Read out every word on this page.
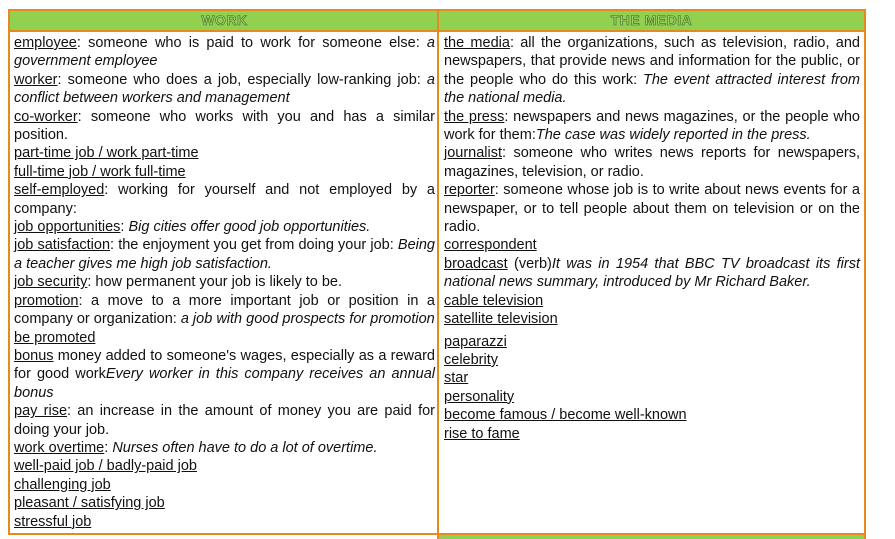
WORK

employee: someone who is paid to work for someone else: a government employee

worker: someone who does a job, especially low-ranking job: a conflict between workers and management

co-worker: someone who works with you and has a similar position.

part-time job / work part-time

full-time job / work full-time

self-employed: working for yourself and not employed by a company:

job opportunities: Big cities offer good job opportunities.

job satisfaction: the enjoyment you get from doing your job: Being a teacher gives me high job satisfaction.

job security: how permanent your job is likely to be.

promotion: a move to a more important job or position in a company or organization: a job with good prospects for promotion

be promoted

bonus money added to someone's wages, especially as a reward for good workEvery worker in this company receives an annual bonus

pay rise: an increase in the amount of money you are paid for doing your job.

work overtime: Nurses often have to do a lot of overtime.

well-paid job / badly-paid job

challenging job

pleasant / satisfying job

stressful job

THE MEDIA

the media: all the organizations, such as television, radio, and newspapers, that provide news and information for the public, or the people who do this work: The event attracted interest from the national media.

the press: newspapers and news magazines, or the people who work for them:The case was widely reported in the press.

journalist: someone who writes news reports for newspapers, magazines, television, or radio.

reporter: someone whose job is to write about news events for a newspaper, or to tell people about them on television or on the radio.

correspondent

broadcast (verb)It was in 1954 that BBC TV broadcast its first national news summary, introduced by Mr Richard Baker.

cable television

satellite television

paparazzi

celebrity

star

personality

become famous / become well-known

rise to fame
